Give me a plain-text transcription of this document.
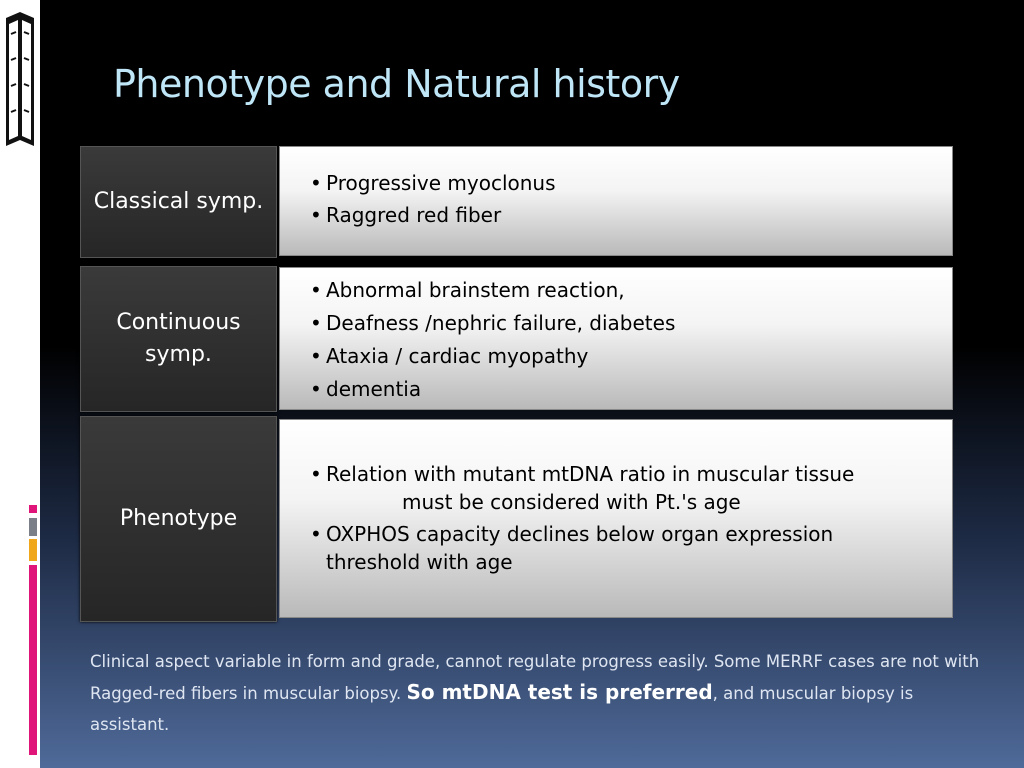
Phenotype and Natural history
Classical symp.
• Progressive myoclonus
• Raggred red fiber
Continuous
symp.
• Abnormal brainstem reaction,
• Deafness /nephric failure, diabetes
• Ataxia / cardiac myopathy
• dementia
Phenotype
• Relation with mutant mtDNA ratio in muscular tissue
must be considered with Pt.'s age
• OXPHOS capacity declines below organ expression
threshold with age
Clinical aspect variable in form and grade, cannot regulate progress easily. Some MERRF cases are not with Ragged-red fibers in muscular biopsy. So mtDNA test is preferred, and muscular biopsy is assistant.
